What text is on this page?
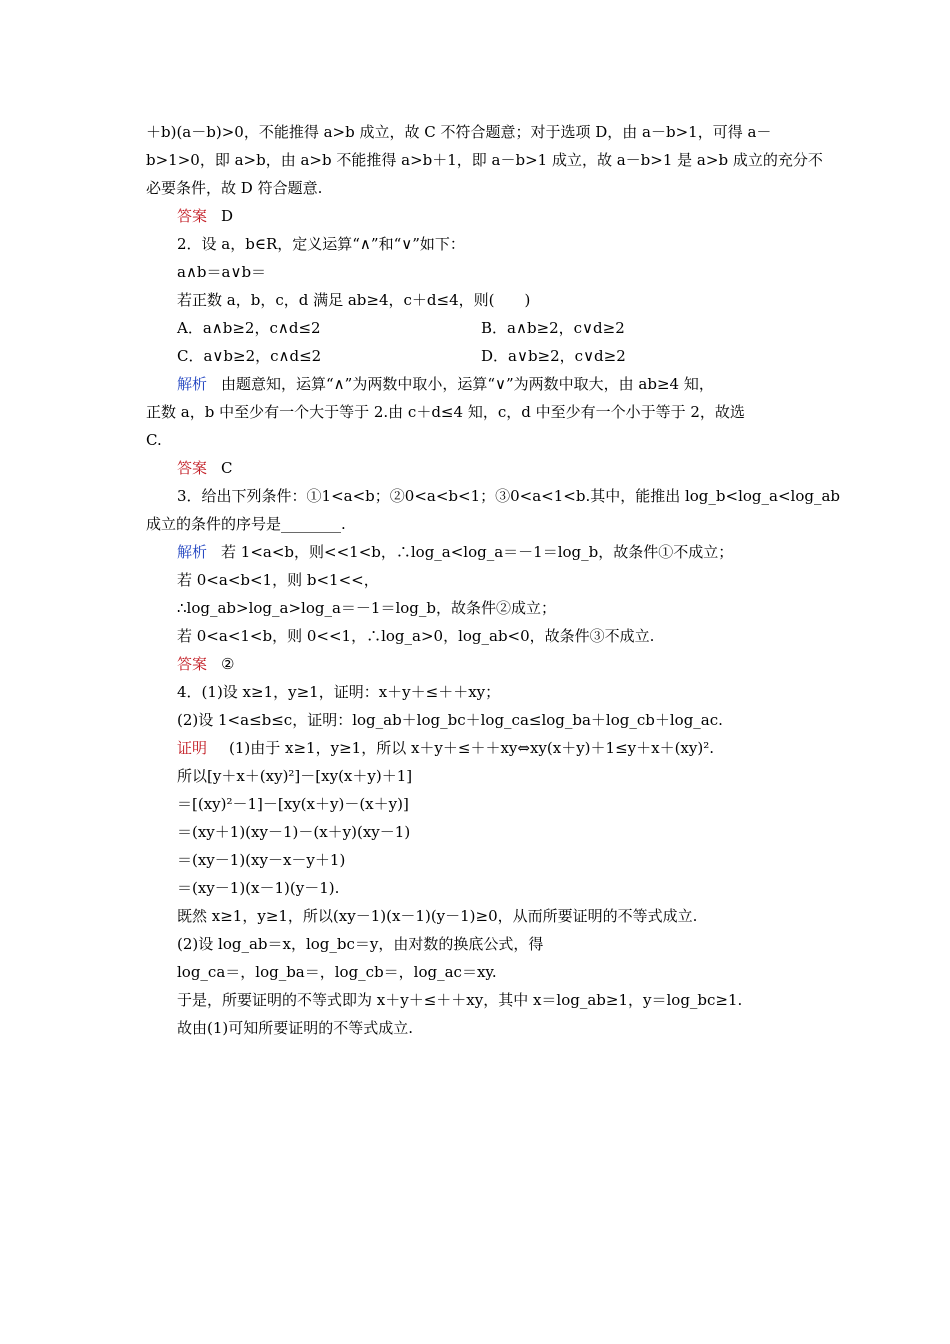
＋b)(a－b)>0，不能推得 a>b 成立，故 C 不符合题意；对于选项 D，由 a－b>1，可得 a－
b>1>0，即 a>b，由 a>b 不能推得 a>b＋1，即 a－b>1 成立，故 a－b>1 是 a>b 成立的充分不
必要条件，故 D 符合题意.
答案 D
2．设 a，b∈R，定义运算“∧”和“∨”如下：
a∧b＝a∨b＝
若正数 a，b，c，d 满足 ab≥4，c＋d≤4，则(　　)
A．a∧b≥2，c∧d≤2	B．a∧b≥2，c∨d≥2
C．a∨b≥2，c∧d≤2	D．a∨b≥2，c∨d≥2
解析 由题意知，运算“∧”为两数中取小，运算“∨”为两数中取大，由 ab≥4 知，
正数 a，b 中至少有一个大于等于 2.由 c＋d≤4 知，c，d 中至少有一个小于等于 2，故选
C.
答案 C
3．给出下列条件：①1<a<b；②0<a<b<1；③0<a<1<b.其中，能推出 log_b<log_a<log_ab
成立的条件的序号是________.
解析 若 1<a<b，则<<1<b，∴log_a<log_a＝－1＝log_b，故条件①不成立；
若 0<a<b<1，则 b<1<<，
∴log_ab>log_a>log_a＝－1＝log_b，故条件②成立；
若 0<a<1<b，则 0<<1，∴log_a>0，log_ab<0，故条件③不成立.
答案 ②
4．(1)设 x≥1，y≥1，证明：x＋y＋≤＋＋xy；
(2)设 1<a≤b≤c，证明：log_ab＋log_bc＋log_ca≤log_ba＋log_cb＋log_ac.
证明 (1)由于 x≥1，y≥1，所以 x＋y＋≤＋＋xy⇔xy(x＋y)＋1≤y＋x＋(xy)².
所以[y＋x＋(xy)²]－[xy(x＋y)＋1]
＝[(xy)²－1]－[xy(x＋y)－(x＋y)]
＝(xy＋1)(xy－1)－(x＋y)(xy－1)
＝(xy－1)(xy－x－y＋1)
＝(xy－1)(x－1)(y－1).
既然 x≥1，y≥1，所以(xy－1)(x－1)(y－1)≥0，从而所要证明的不等式成立.
(2)设 log_ab＝x，log_bc＝y，由对数的换底公式，得
log_ca＝，log_ba＝，log_cb＝，log_ac＝xy.
于是，所要证明的不等式即为 x＋y＋≤＋＋xy，其中 x＝log_ab≥1，y＝log_bc≥1.
故由(1)可知所要证明的不等式成立.
